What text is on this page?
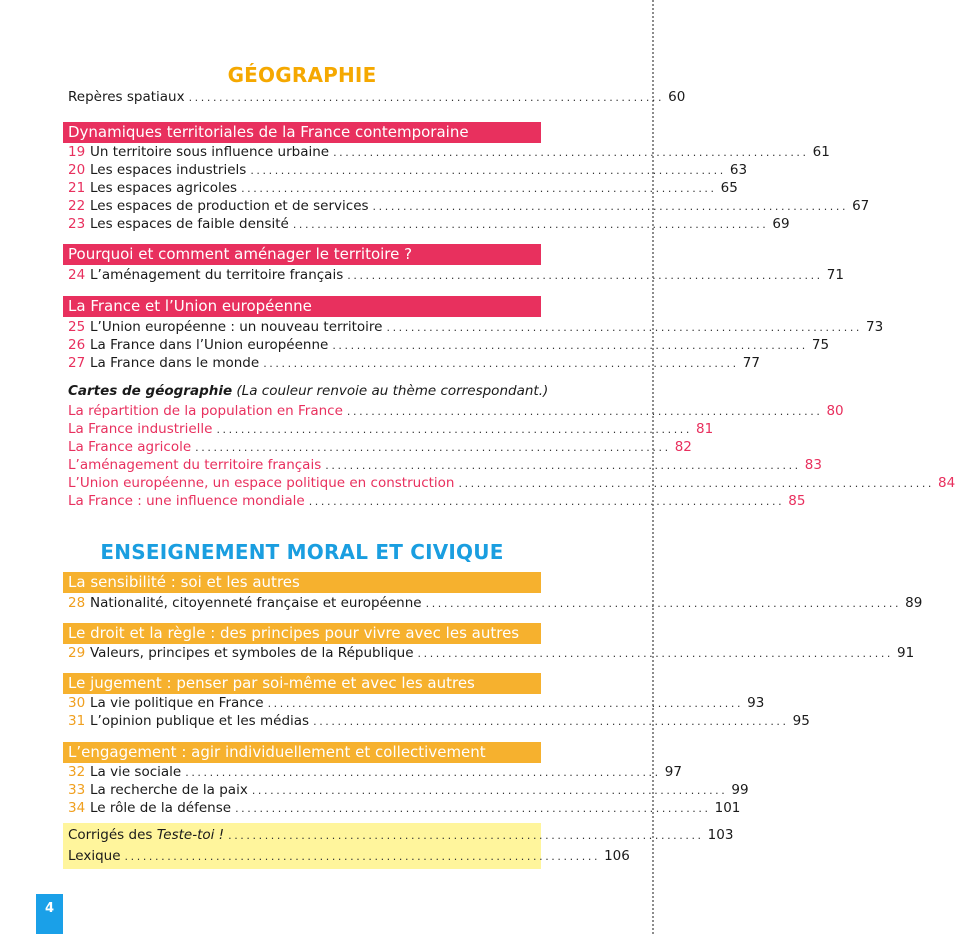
GÉOGRAPHIE
Repères spatiaux .............................................................................. 60
Dynamiques territoriales de la France contemporaine
19 Un territoire sous influence urbaine .............................................................................. 61
20 Les espaces industriels .............................................................................. 63
21 Les espaces agricoles .............................................................................. 65
22 Les espaces de production et de services .............................................................................. 67
23 Les espaces de faible densité .............................................................................. 69
Pourquoi et comment aménager le territoire ?
24 L’aménagement du territoire français .............................................................................. 71
La France et l’Union européenne
25 L’Union européenne : un nouveau territoire .............................................................................. 73
26 La France dans l’Union européenne .............................................................................. 75
27 La France dans le monde .............................................................................. 77
Cartes de géographie (La couleur renvoie au thème correspondant.)
La répartition de la population en France .............................................................................. 80
La France industrielle .............................................................................. 81
La France agricole .............................................................................. 82
L’aménagement du territoire français .............................................................................. 83
L’Union européenne, un espace politique en construction .............................................................................. 84
La France : une influence mondiale .............................................................................. 85
ENSEIGNEMENT MORAL ET CIVIQUE
La sensibilité : soi et les autres
28 Nationalité, citoyenneté française et européenne .............................................................................. 89
Le droit et la règle : des principes pour vivre avec les autres
29 Valeurs, principes et symboles de la République .............................................................................. 91
Le jugement : penser par soi-même et avec les autres
30 La vie politique en France .............................................................................. 93
31 L’opinion publique et les médias .............................................................................. 95
L’engagement : agir individuellement et collectivement
32 La vie sociale .............................................................................. 97
33 La recherche de la paix .............................................................................. 99
34 Le rôle de la défense .............................................................................. 101
Corrigés des Teste-toi ! .............................................................................. 103
Lexique .............................................................................. 106
4
